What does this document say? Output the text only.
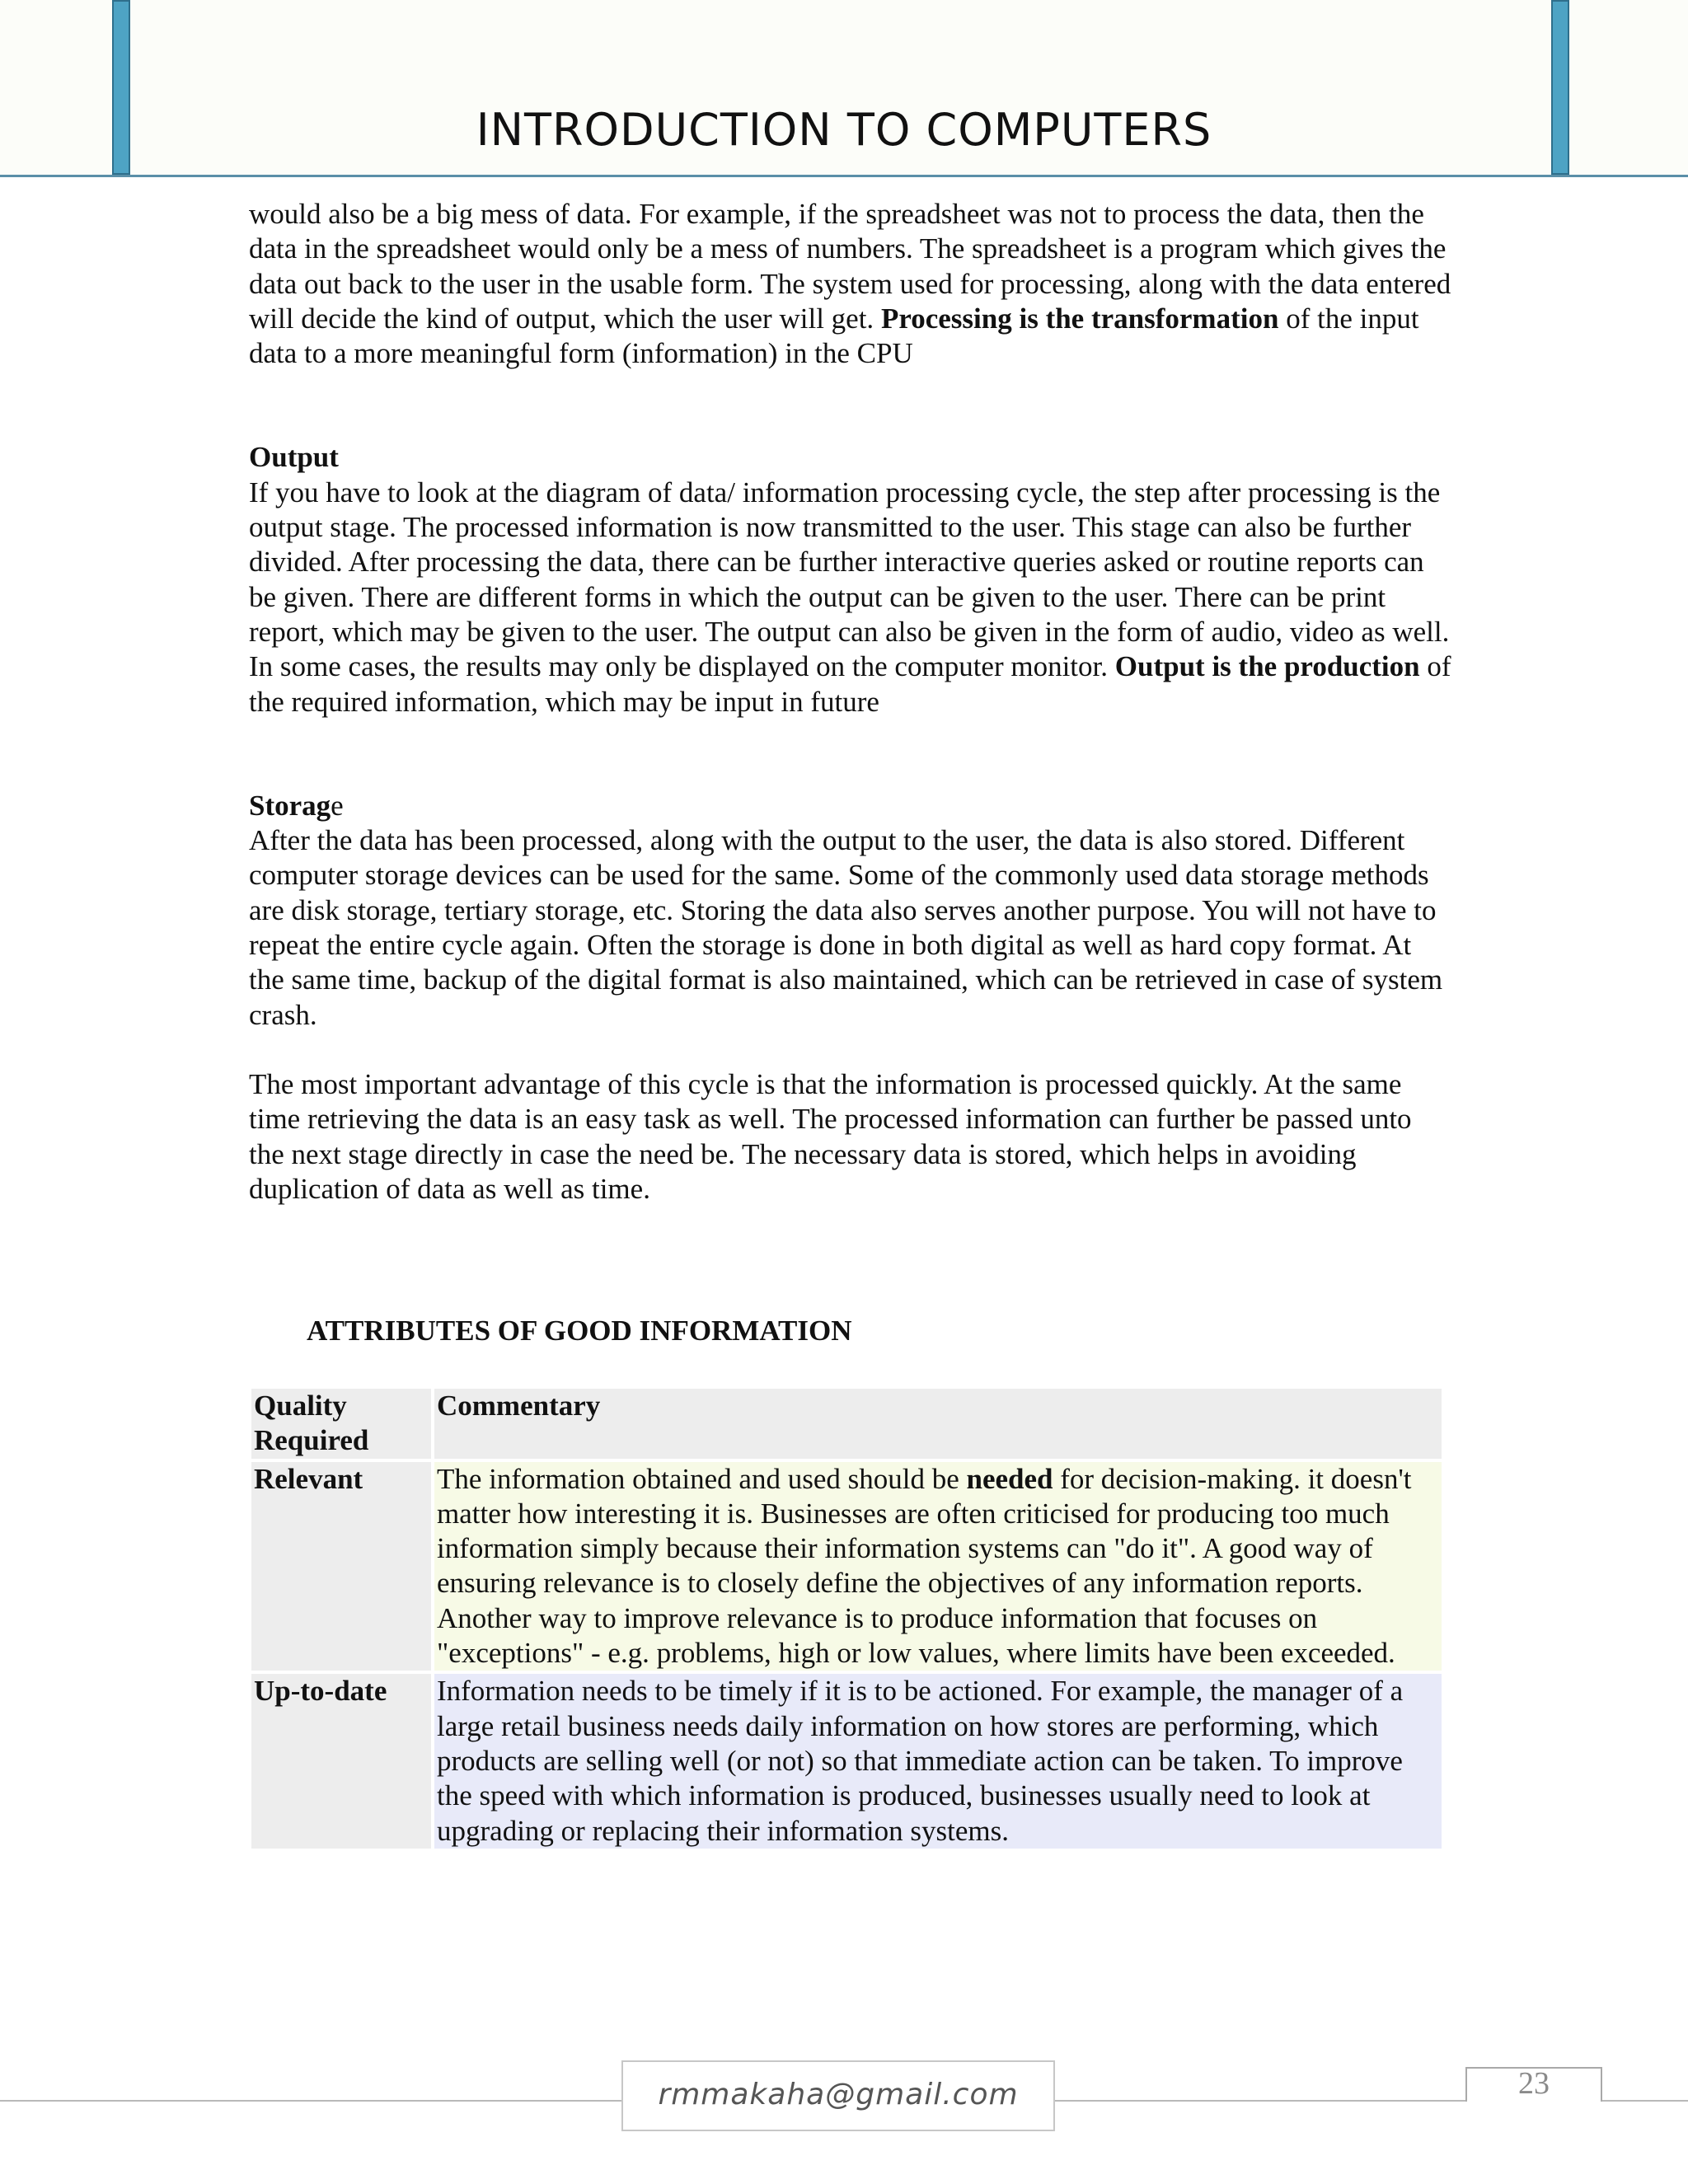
INTRODUCTION TO COMPUTERS

would also be a big mess of data. For example, if the spreadsheet was not to process the data, then the data in the spreadsheet would only be a mess of numbers. The spreadsheet is a program which gives the data out back to the user in the usable form. The system used for processing, along with the data entered will decide the kind of output, which the user will get. Processing is the transformation of the input data to a more meaningful form (information) in the CPU

Output

If you have to look at the diagram of data/ information processing cycle, the step after processing is the output stage. The processed information is now transmitted to the user. This stage can also be further divided. After processing the data, there can be further interactive queries asked or routine reports can be given. There are different forms in which the output can be given to the user. There can be print report, which may be given to the user. The output can also be given in the form of audio, video as well. In some cases, the results may only be displayed on the computer monitor. Output is the production of the required information, which may be input in future

Storage

After the data has been processed, along with the output to the user, the data is also stored. Different computer storage devices can be used for the same. Some of the commonly used data storage methods are disk storage, tertiary storage, etc. Storing the data also serves another purpose. You will not have to repeat the entire cycle again. Often the storage is done in both digital as well as hard copy format. At the same time, backup of the digital format is also maintained, which can be retrieved in case of system crash.

The most important advantage of this cycle is that the information is processed quickly. At the same time retrieving the data is an easy task as well. The processed information can further be passed unto the next stage directly in case the need be. The necessary data is stored, which helps in avoiding duplication of data as well as time.

ATTRIBUTES OF GOOD INFORMATION
Quality Required	Commentary
Relevant	The information obtained and used should be needed for decision-making. it doesn't matter how interesting it is. Businesses are often criticised for producing too much information simply because their information systems can "do it". A good way of ensuring relevance is to closely define the objectives of any information reports. Another way to improve relevance is to produce information that focuses on "exceptions" - e.g. problems, high or low values, where limits have been exceeded.
Up-to-date	Information needs to be timely if it is to be actioned. For example, the manager of a large retail business needs daily information on how stores are performing, which products are selling well (or not) so that immediate action can be taken. To improve the speed with which information is produced, businesses usually need to look at upgrading or replacing their information systems.
rmmakaha@gmail.com	23
